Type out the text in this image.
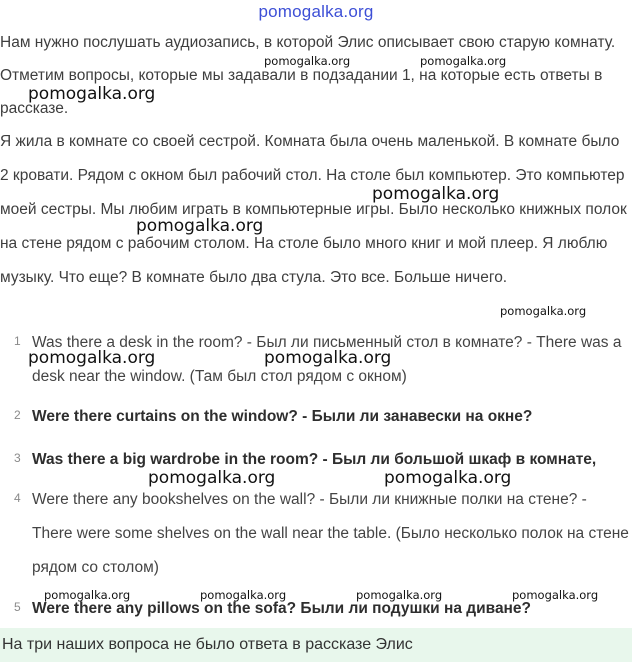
pomogalka.org

Нам нужно послушать аудиозапись, в которой Элис описывает свою старую комнату. Отметим вопросы, которые мы задавали в подзадании 1, на которые есть ответы в рассказе.

Я жила в комнате со своей сестрой. Комната была очень маленькой. В комнате было 2 кровати. Рядом с окном был рабочий стол. На столе был компьютер. Это компьютер моей сестры. Мы любим играть в компьютерные игры. Было несколько книжных полок на стене рядом с рабочим столом. На столе было много книг и мой плеер. Я люблю музыку. Что еще? В комнате было два стула. Это все. Больше ничего.

1 Was there a desk in the room? - Был ли письменный стол в комнате? - There was a desk near the window. (Там был стол рядом с окном)
2 Were there curtains on the window? - Были ли занавески на окне?
3 Was there a big wardrobe in the room? - Был ли большой шкаф в комнате,
4 Were there any bookshelves on the wall? - Были ли книжные полки на стене? - There were some shelves on the wall near the table. (Было несколько полок на стене рядом со столом)
5 Were there any pillows on the sofa? Были ли подушки на диване?
На три наших вопроса не было ответа в рассказе Элис
pomogalka.org	pomogalka.org
pomogalka.org
pomogalka.org
pomogalka.org
pomogalka.org
pomogalka.org	pomogalka.org
pomogalka.org	pomogalka.org
pomogalka.org	pomogalka.org	pomogalka.org	pomogalka.org
